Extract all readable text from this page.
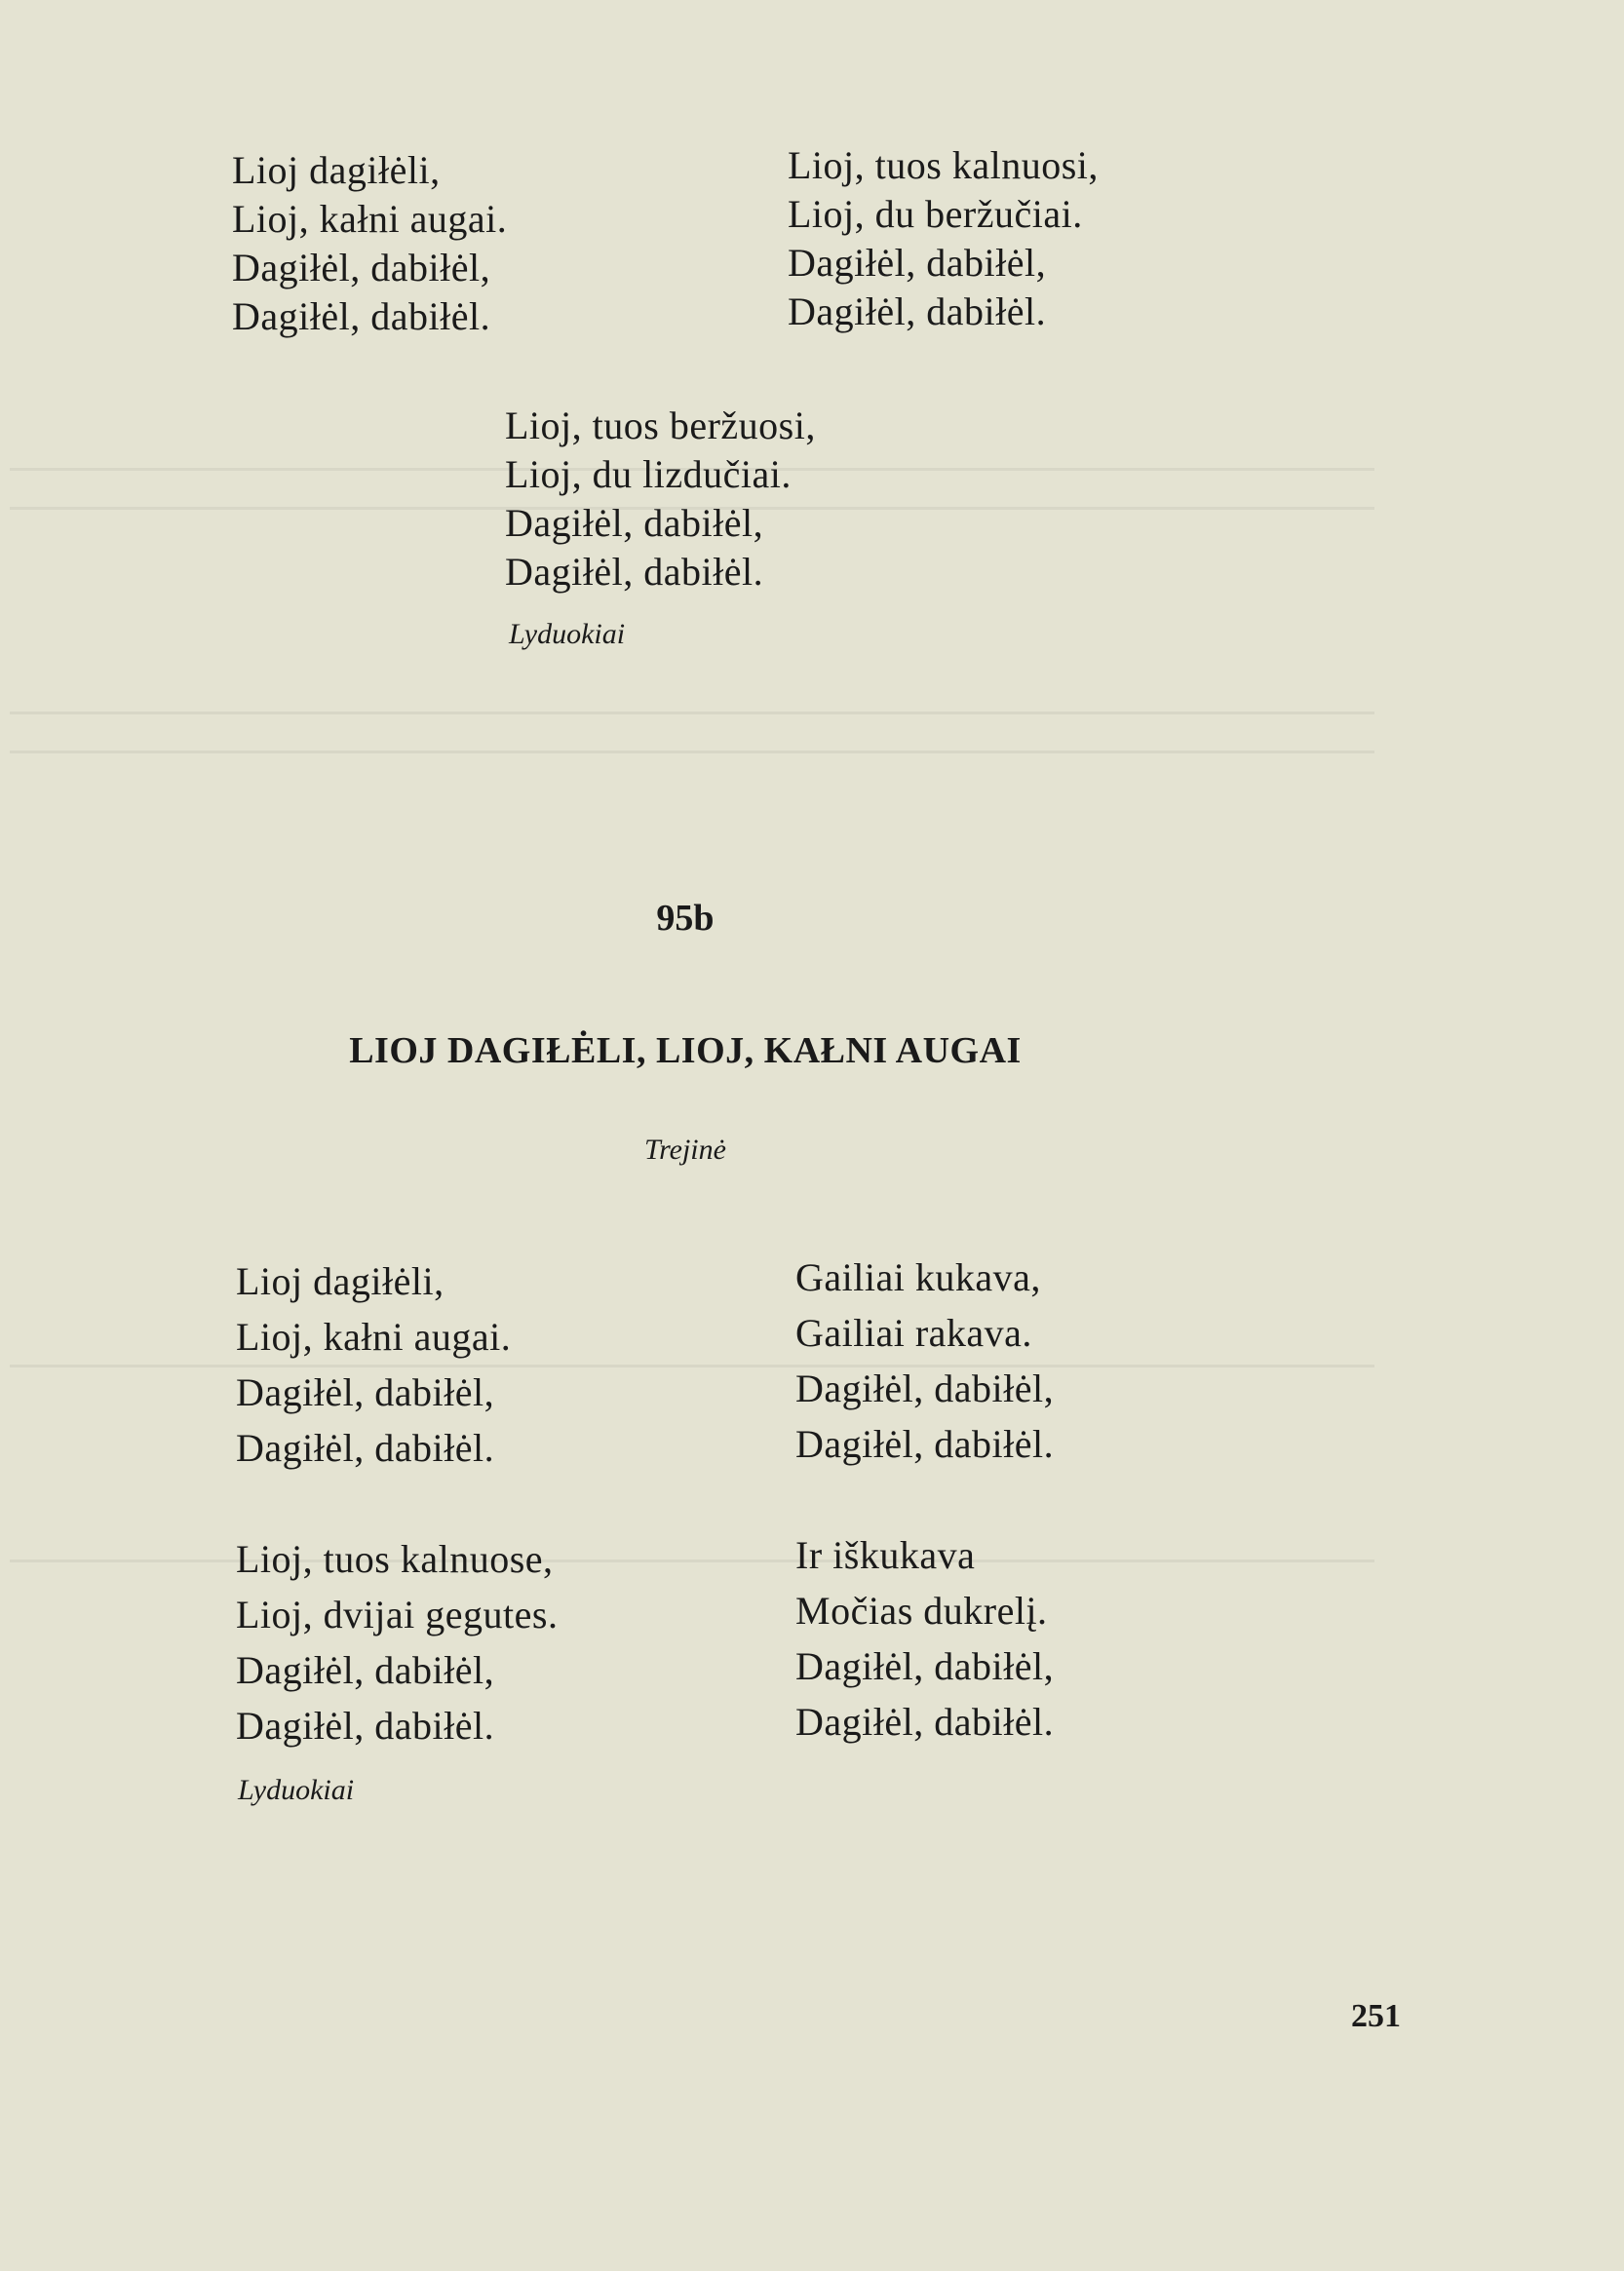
Lioj dagiłėli,
Lioj, kałni augai.
Dagiłėl, dabiłėl,
Dagiłėl, dabiłėl.
Lioj, tuos kalnuosi,
Lioj, du beržučiai.
Dagiłėl, dabiłėl,
Dagiłėl, dabiłėl.
Lioj, tuos beržuosi,
Lioj, du lizdučiai.
Dagiłėl, dabiłėl,
Dagiłėl, dabiłėl.
Lyduokiai
95b
LIOJ DAGIŁĖLI, LIOJ, KAŁNI AUGAI
Trejinė
Lioj dagiłėli,
Lioj, kałni augai.
Dagiłėl, dabiłėl,
Dagiłėl, dabiłėl.
Gailiai kukava,
Gailiai rakava.
Dagiłėl, dabiłėl,
Dagiłėl, dabiłėl.
Lioj, tuos kalnuose,
Lioj, dvijai gegutes.
Dagiłėl, dabiłėl,
Dagiłėl, dabiłėl.
Ir iškukava
Močias dukrelį.
Dagiłėl, dabiłėl,
Dagiłėl, dabiłėl.
Lyduokiai
251
